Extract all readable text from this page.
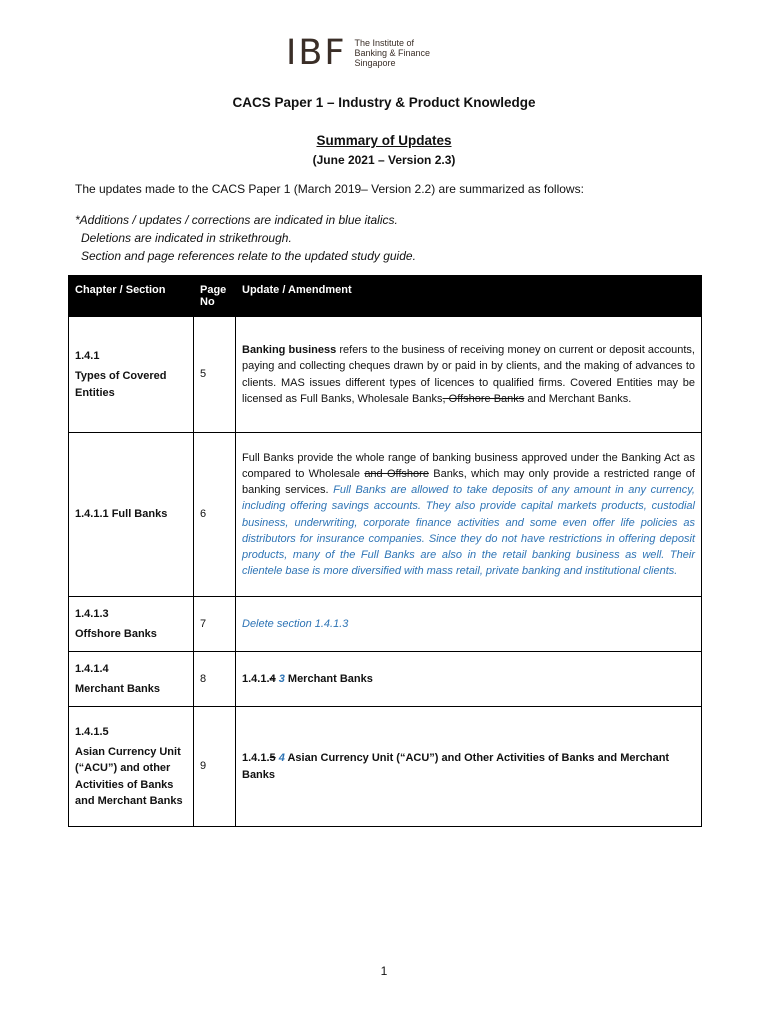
IBF The Institute of
Banking & Finance
Singapore
CACS Paper 1 – Industry & Product Knowledge
Summary of Updates
(June 2021 – Version 2.3)
The updates made to the CACS Paper 1 (March 2019– Version 2.2) are summarized as follows:
*Additions / updates / corrections are indicated in blue italics.
Deletions are indicated in strikethrough.
Section and page references relate to the updated study guide.
Chapter / Section	Page No	Update / Amendment

1.4.1
Types of Covered Entities	5	Banking business refers to the business of receiving money on current or deposit accounts, paying and collecting cheques drawn by or paid in by clients, and the making of advances to clients. MAS issues different types of licences to qualified firms. Covered Entities may be licensed as Full Banks, Wholesale Banks, Offshore Banks and Merchant Banks.

1.4.1.1 Full Banks	6	Full Banks provide the whole range of banking business approved under the Banking Act as compared to Wholesale and Offshore Banks, which may only provide a restricted range of banking services. Full Banks are allowed to take deposits of any amount in any currency, including offering savings accounts. They also provide capital markets products, custodial business, underwriting, corporate finance activities and some even offer life policies as distributors for insurance companies. Since they do not have restrictions in offering deposit products, many of the Full Banks are also in the retail banking business as well. Their clientele base is more diversified with mass retail, private banking and institutional clients.

1.4.1.3
Offshore Banks	7	Delete section 1.4.1.3

1.4.1.4
Merchant Banks	8	1.4.1.4 3 Merchant Banks

1.4.1.5
Asian Currency Unit (“ACU”) and other Activities of Banks and Merchant Banks	9	1.4.1.5 4 Asian Currency Unit (“ACU”) and Other Activities of Banks and Merchant Banks
1
